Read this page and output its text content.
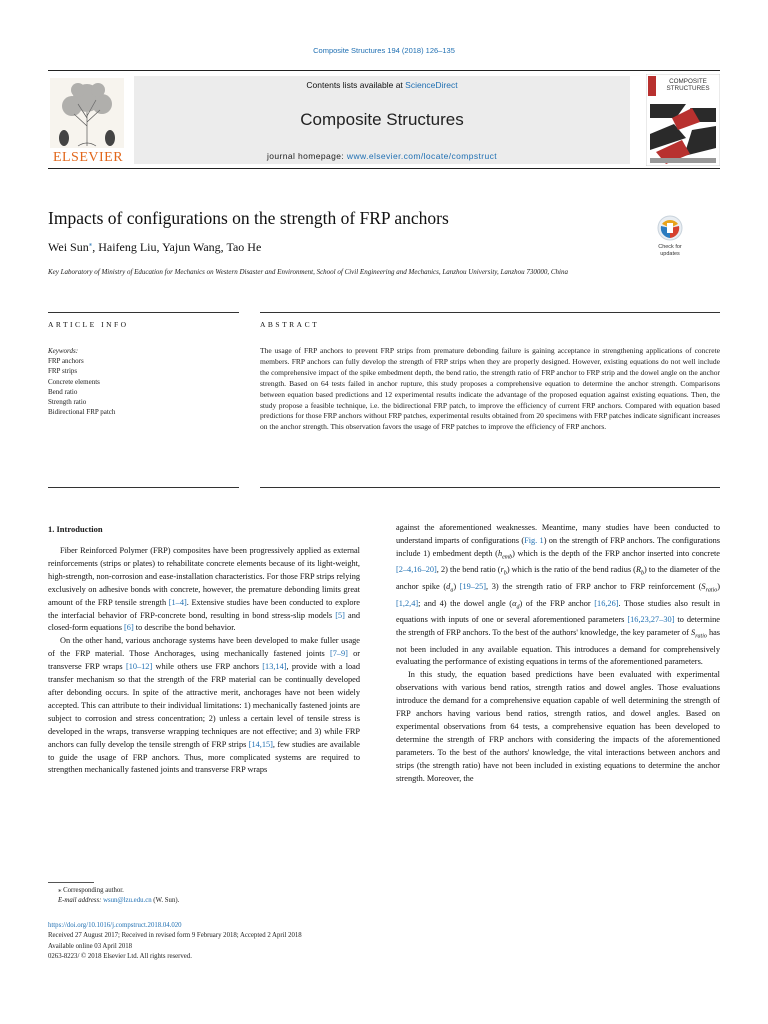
Composite Structures 194 (2018) 126–135
ELSEVIER
Contents lists available at ScienceDirect
Composite Structures
journal homepage: www.elsevier.com/locate/compstruct
COMPOSITE
STRUCTURES
Impacts of configurations on the strength of FRP anchors
Check for
updates
Wei Sun⁎, Haifeng Liu, Yajun Wang, Tao He
Key Laboratory of Ministry of Education for Mechanics on Western Disaster and Environment, School of Civil Engineering and Mechanics, Lanzhou University, Lanzhou 730000, China
ARTICLE INFO	ABSTRACT
Keywords:
FRP anchors
FRP strips
Concrete elements
Bend ratio
Strength ratio
Bidirectional FRP patch
The usage of FRP anchors to prevent FRP strips from premature debonding failure is gaining acceptance in strengthening applications of concrete members. FRP anchors can fully develop the strength of FRP strips when they are properly designed. However, existing equations do not well include the comprehensive impact of the spike embedment depth, the bend ratio, the strength ratio of FRP anchor to FRP strip and the dowel angle on the anchor strength. Based on 64 tests failed in anchor rupture, this study proposes a comprehensive equation to determine the anchor strength. Comparisons between equation based predictions and 12 experimental results indicate the advantage of the proposed equation against existing equations. Then, the study propose a feasible technique, i.e. the bidirectional FRP patch, to improve the efficiency of current FRP anchors. Compared with equation based predictions for those FRP anchors without FRP patches, experimental results obtained from 20 specimens with FRP patches indicate significant increases on the anchor strength. This observation favors the usage of FRP patches to improve the efficiency of FRP anchors.
1. Introduction

Fiber Reinforced Polymer (FRP) composites have been progressively applied as external reinforcements (strips or plates) to rehabilitate concrete elements because of its light-weight, high-strength, non-corrosion and ease-installation characteristics. For those FRP strips relying exclusively on adhesive bonds with concrete, however, the premature debonding limits great amount of the FRP tensile strength [1–4]. Extensive studies have been conducted to explore the interfacial behavior of FRP-concrete bond, resulting in bond stress-slip models [5] and closed-form equations [6] to describe the bond behavior.

On the other hand, various anchorage systems have been developed to make fuller usage of the FRP material. Those Anchorages, using mechanically fastened joints [7–9] or transverse FRP wraps [10–12] while others use FRP anchors [13,14], provide with a load transfer mechanism so that the strength of the FRP material can be continually developed after debonding occurs. In spite of the attractive merit, anchorages have not been widely accepted. This can attribute to their individual limitations: 1) mechanically fastened joints are subject to corrosion and stress concentration; 2) unless a certain level of tensile stress is developed in the wraps, transverse wrapping techniques are not effective; and 3) while FRP anchors can fully develop the tensile strength of FRP strips [14,15], few studies are available to guide the usage of FRP anchors. Thus, more complicated systems are required to strengthen mechanically fastened joints and transverse FRP wraps

against the aforementioned weaknesses. Meantime, many studies have been conducted to understand imparts of configurations (Fig. 1) on the strength of FRP anchors. The configurations include 1) embedment depth $(h_{emb})$ which is the depth of the FRP anchor inserted into concrete [2–4,16–20], 2) the bend ratio $(r_b)$ which is the ratio of the bend radius $(R_b)$ to the diameter of the anchor spike $(d_a)$ [19–25], 3) the strength ratio of FRP anchor to FRP reinforcement $(S_{ratio})$ [1,2,4]; and 4) the dowel angle $(\alpha_d)$ of the FRP anchor [16,26]. Those studies also result in equations with inputs of one or several aforementioned parameters [16,23,27–30] to determine the strength of FRP anchors. To the best of the authors' knowledge, the key parameter of $S_{ratio}$ has not been included in any available equation. This introduces a demand for comprehensively evaluating the performance of existing equations in terms of the aforementioned parameters.

In this study, the equation based predictions have been evaluated with experimental observations with various bend ratios, strength ratios and dowel angles. Those evaluations introduce the demand for a comprehensive equation capable of well determining the strength of FRP anchors having various bend ratios, strength ratios, and dowel angles. Based on experimental observations from 64 tests, a comprehensive equation has been developed to determine the strength of FRP anchors with considering the impacts of the aforementioned parameters. To the best of the authors' knowledge, the vital interactions between anchors and strips (the strength ratio) have not been included in existing equations to determine the anchor strength. Moreover, the

⁎ Corresponding author.
E-mail address: wsun@lzu.edu.cn (W. Sun).
https://doi.org/10.1016/j.compstruct.2018.04.020
Received 27 August 2017; Received in revised form 9 February 2018; Accepted 2 April 2018
Available online 03 April 2018
0263-8223/ © 2018 Elsevier Ltd. All rights reserved.
